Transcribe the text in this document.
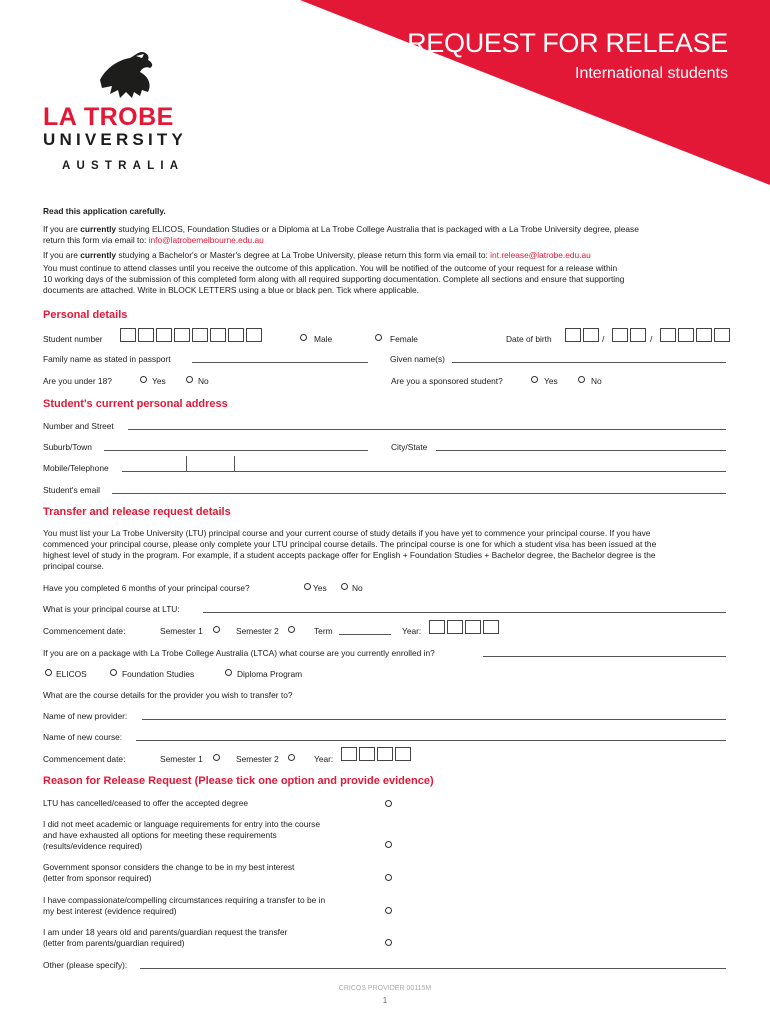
REQUEST FOR RELEASE
International students
LA TROBE
UNIVERSITY
AUSTRALIA
Read this application carefully.
If you are currently studying ELICOS, Foundation Studies or a Diploma at La Trobe College Australia that is packaged with a La Trobe University degree, please
return this form via email to: info@latrobemelbourne.edu.au
If you are currently studying a Bachelor's or Master's degree at La Trobe University, please return this form via email to: int.release@latrobe.edu.au
You must continue to attend classes until you receive the outcome of this application. You will be notified of the outcome of your request for a release within
10 working days of the submission of this completed form along with all required supporting documentation. Complete all sections and ensure that supporting
documents are attached. Write in BLOCK LETTERS using a blue or black pen. Tick where applicable.
Personal details
Student number	Male	Female	Date of birth	/	/
Family name as stated in passport	Given name(s)
Are you under 18?	Yes	No	Are you a sponsored student?	Yes	No
Student's current personal address
Number and Street
Suburb/Town	City/State
Mobile/Telephone
Student's email
Transfer and release request details
You must list your La Trobe University (LTU) principal course and your current course of study details if you have yet to commence your principal course. If you have
commenced your principal course, please only complete your LTU principal course details. The principal course is one for which a student visa has been issued at the
highest level of study in the program. For example, if a student accepts package offer for English + Foundation Studies + Bachelor degree, the Bachelor degree is the
principal course.
Have you completed 6 months of your principal course?	Yes	No
What is your principal course at LTU:
Commencement date:	Semester 1	Semester 2	Term	Year:
If you are on a package with La Trobe College Australia (LTCA) what course are you currently enrolled in?
ELICOS	Foundation Studies	Diploma Program
What are the course details for the provider you wish to transfer to?
Name of new provider:
Name of new course:
Commencement date:	Semester 1	Semester 2	Year:
Reason for Release Request (Please tick one option and provide evidence)
LTU has cancelled/ceased to offer the accepted degree
I did not meet academic or language requirements for entry into the course
and have exhausted all options for meeting these requirements
(results/evidence required)
Government sponsor considers the change to be in my best interest
(letter from sponsor required)
I have compassionate/compelling circumstances requiring a transfer to be in
my best interest (evidence required)
I am under 18 years old and parents/guardian request the transfer
(letter from parents/guardian required)
Other (please specify):
CRICOS PROVIDER 00115M
1
